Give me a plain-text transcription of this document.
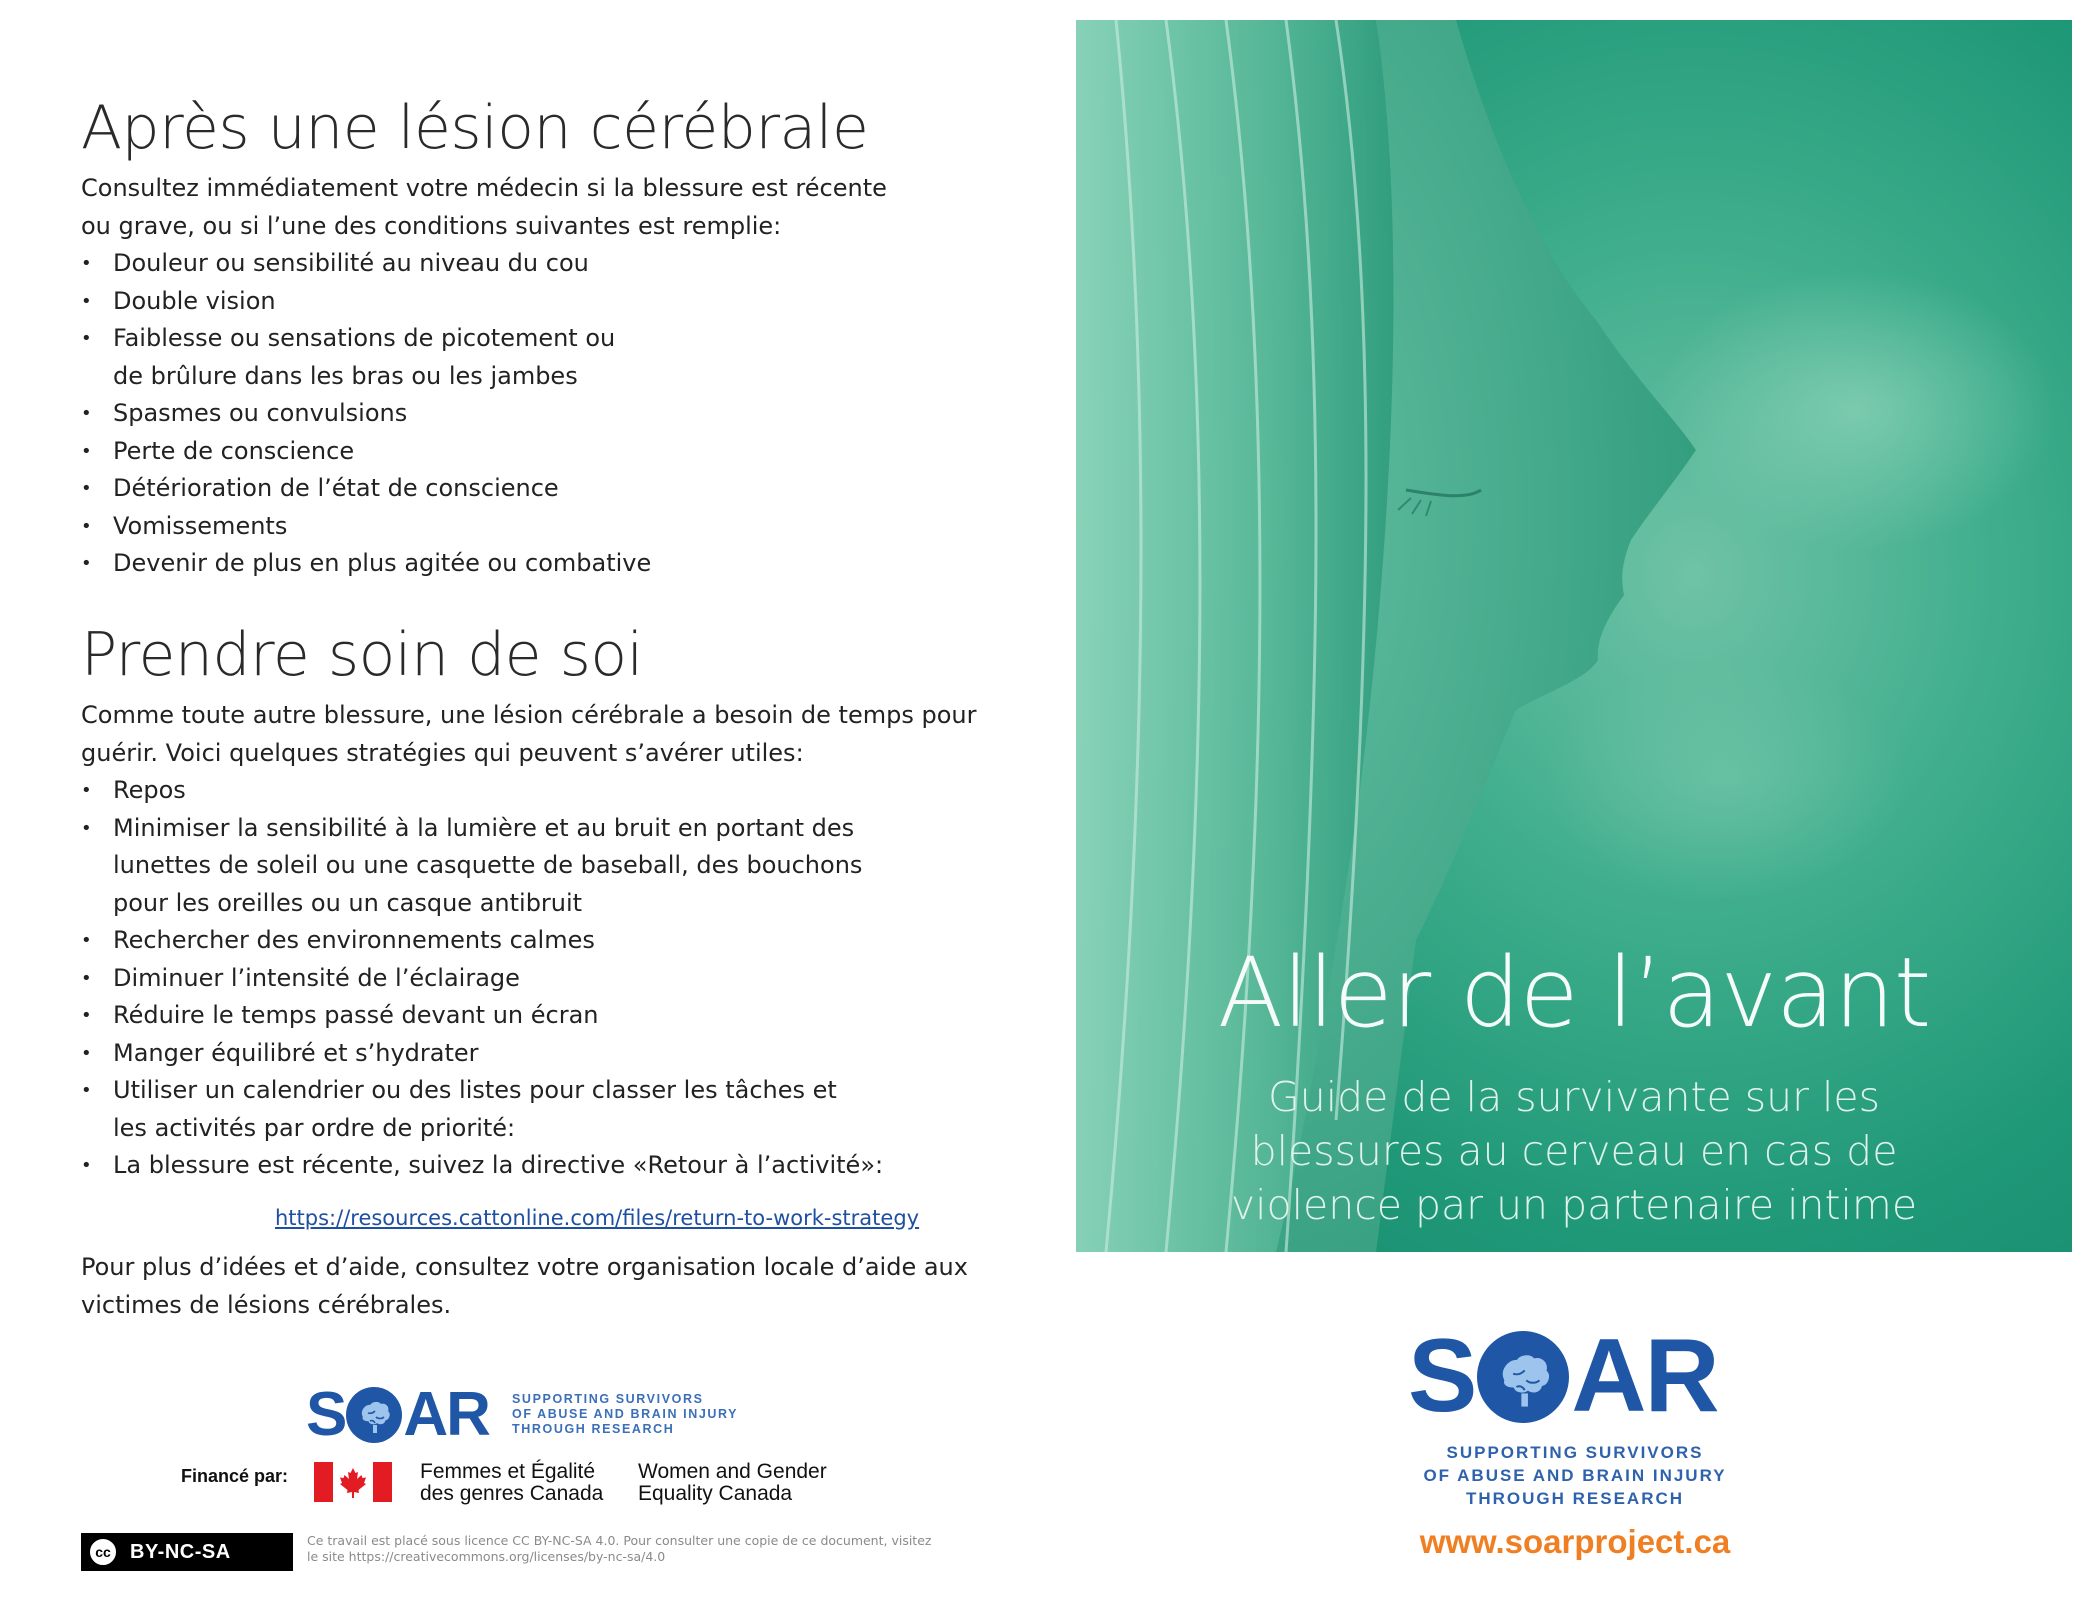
Après une lésion cérébrale

Consultez immédiatement votre médecin si la blessure est récente
ou grave, ou si l’une des conditions suivantes est remplie:

• Douleur ou sensibilité au niveau du cou
• Double vision
• Faiblesse ou sensations de picotement ou
de brûlure dans les bras ou les jambes
• Spasmes ou convulsions
• Perte de conscience
• Détérioration de l’état de conscience
• Vomissements
• Devenir de plus en plus agitée ou combative
Prendre soin de soi

Comme toute autre blessure, une lésion cérébrale a besoin de temps pour
guérir. Voici quelques stratégies qui peuvent s’avérer utiles:

• Repos
• Minimiser la sensibilité à la lumière et au bruit en portant des
lunettes de soleil ou une casquette de baseball, des bouchons
pour les oreilles ou un casque antibruit
• Rechercher des environnements calmes
• Diminuer l’intensité de l’éclairage
• Réduire le temps passé devant un écran
• Manger équilibré et s’hydrater
• Utiliser un calendrier ou des listes pour classer les tâches et
les activités par ordre de priorité:
• La blessure est récente, suivez la directive «Retour à l’activité»:
https://resources.cattonline.com/files/return-to-work-strategy

Pour plus d’idées et d’aide, consultez votre organisation locale d’aide aux
victimes de lésions cérébrales.

S AR SUPPORTING SURVIVORS
OF ABUSE AND BRAIN INJURY
THROUGH RESEARCH
Financé par:	Femmes et Égalité
des genres Canada
Women and Gender
Equality Canada
cc BY-NC-SA	Ce travail est placé sous licence CC BY-NC-SA 4.0. Pour consulter une copie de ce document, visitez
le site https://creativecommons.org/licenses/by-nc-sa/4.0
Aller de l’avant
Guide de la survivante sur les
blessures au cerveau en cas de
violence par un partenaire intime
S AR
SUPPORTING SURVIVORS
OF ABUSE AND BRAIN INJURY
THROUGH RESEARCH
www.soarproject.ca
